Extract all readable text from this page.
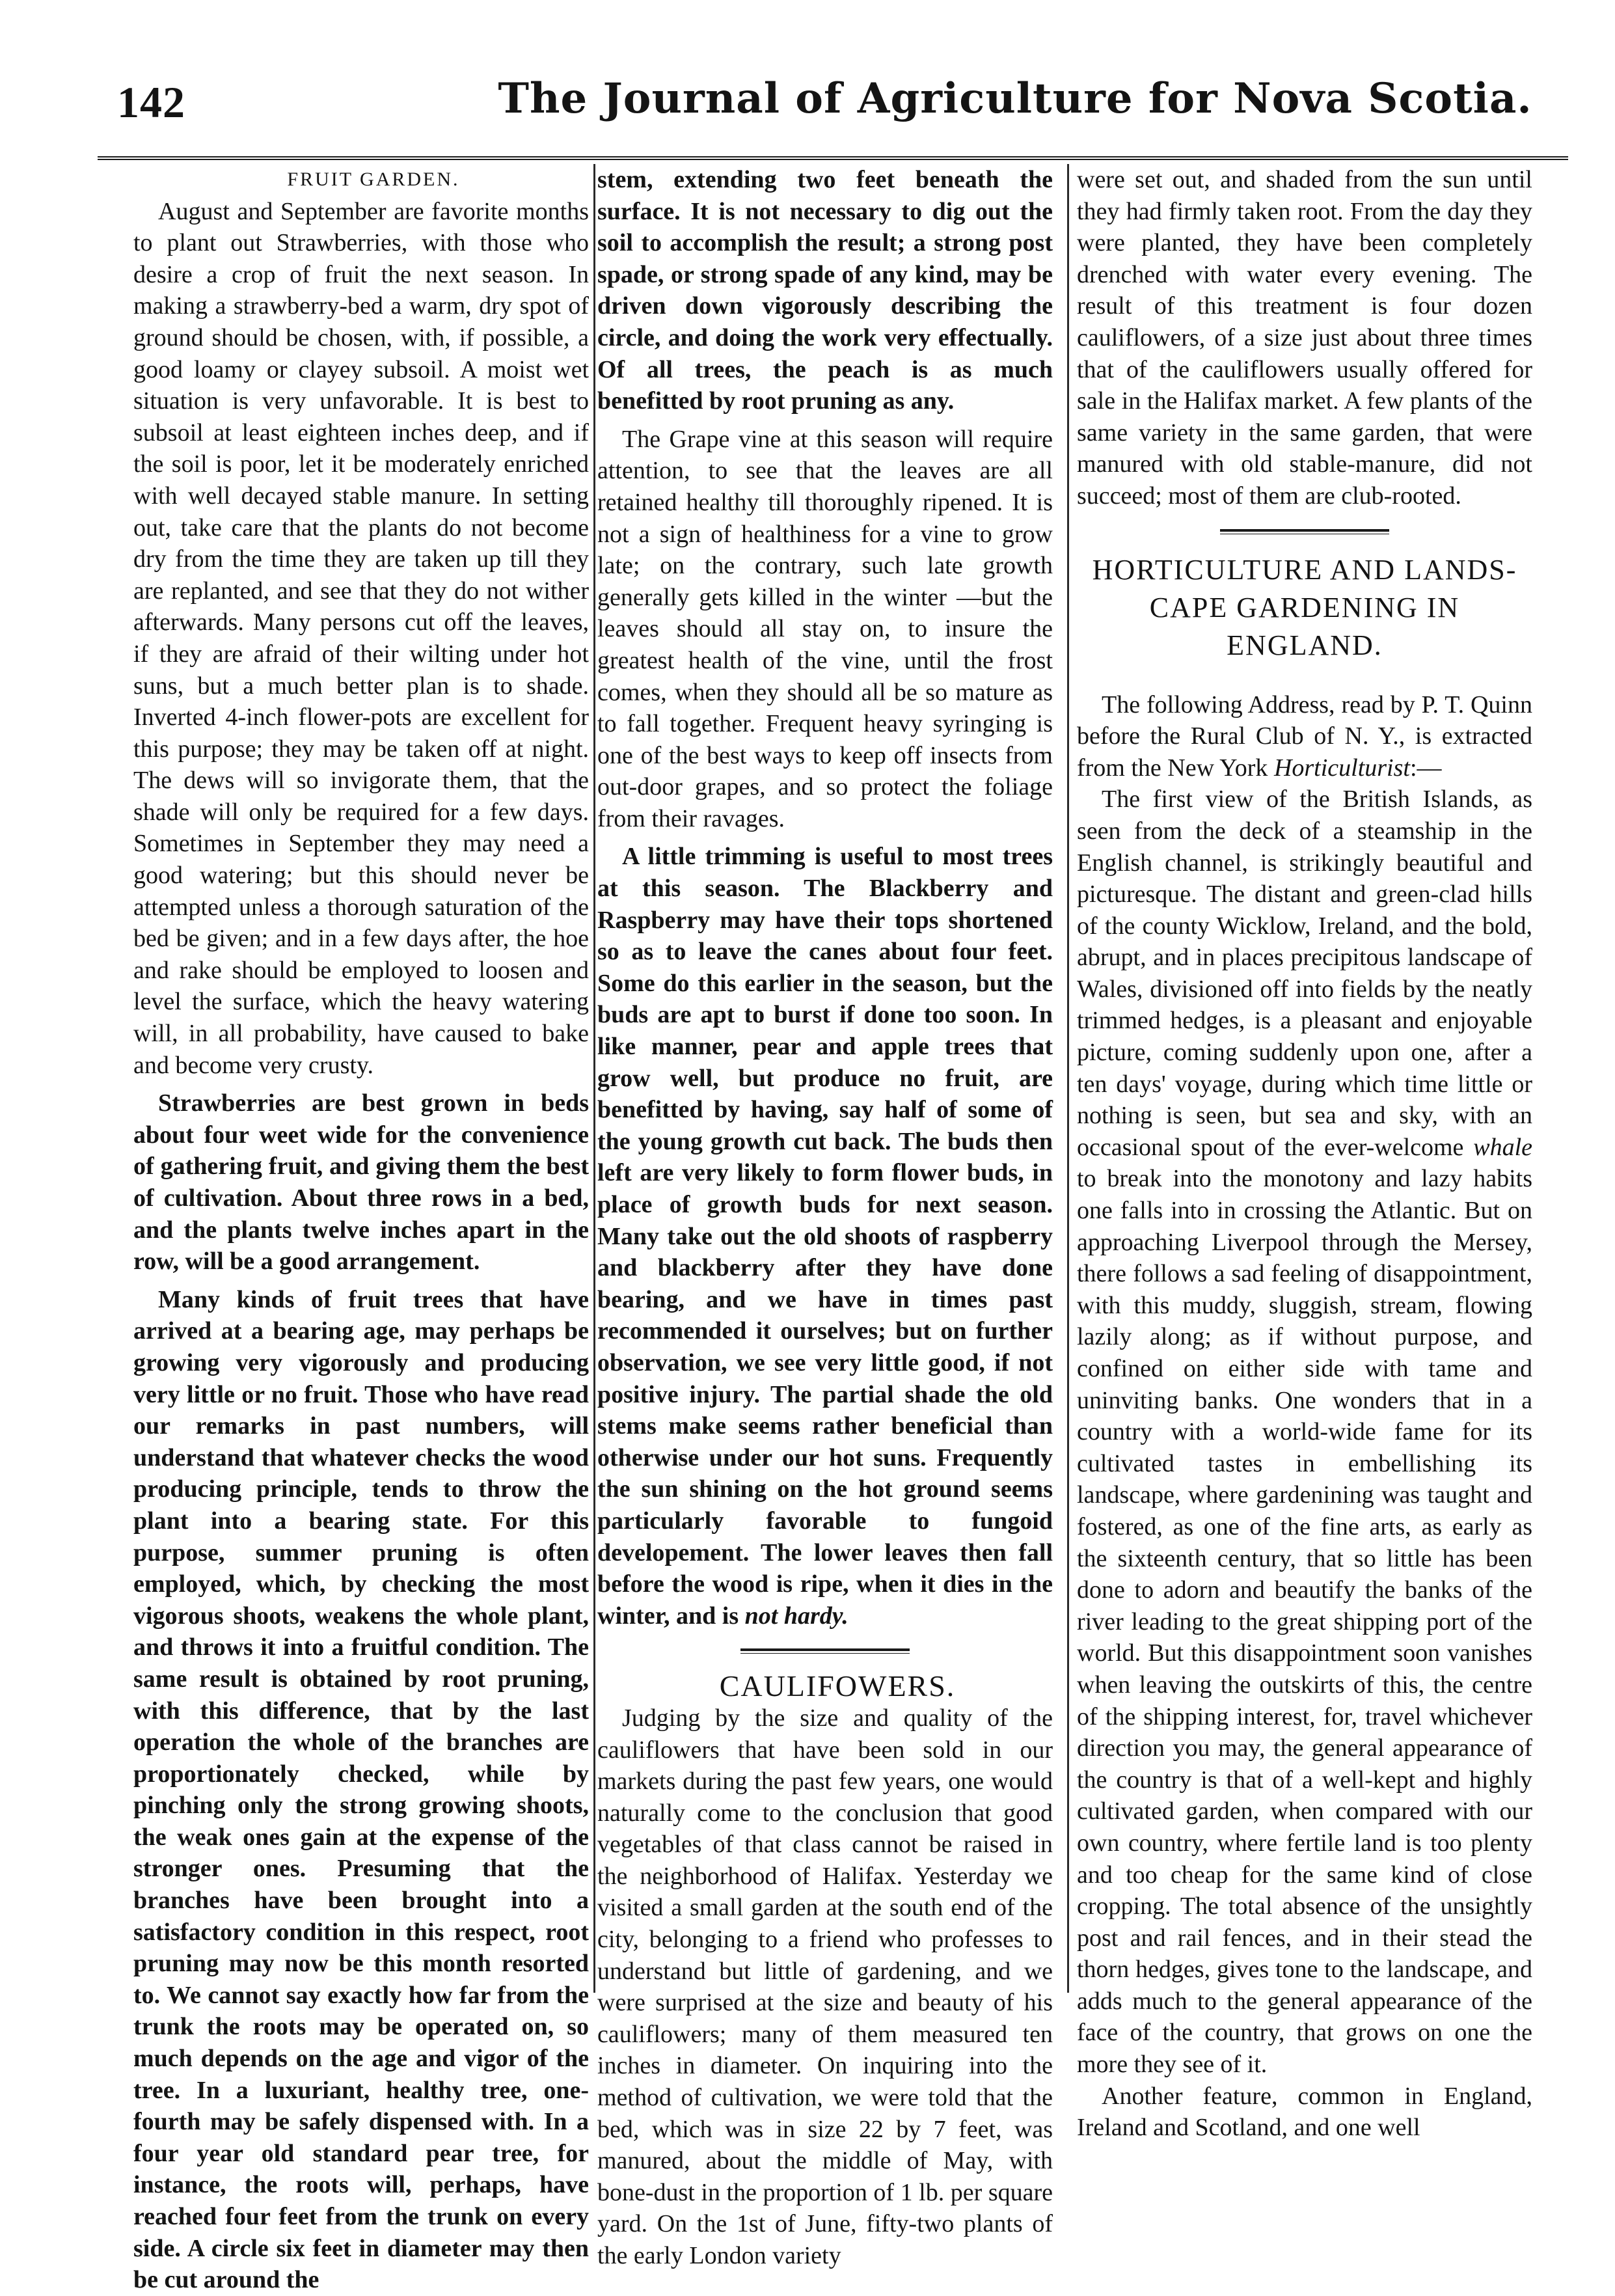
142	The Journal of Agriculture for Nova Scotia.

FRUIT GARDEN.

August and September are favorite months to plant out Strawberries, with those who desire a crop of fruit the next season. In making a strawberry-bed a warm, dry spot of ground should be chosen, with, if possible, a good loamy or clayey subsoil. A moist wet situation is very unfavorable. It is best to subsoil at least eighteen inches deep, and if the soil is poor, let it be moderately enriched with well decayed stable manure. In setting out, take care that the plants do not become dry from the time they are taken up till they are replanted, and see that they do not wither afterwards. Many persons cut off the leaves, if they are afraid of their wilting under hot suns, but a much better plan is to shade. Inverted 4-inch flower-pots are excellent for this purpose; they may be taken off at night. The dews will so invigorate them, that the shade will only be required for a few days. Sometimes in September they may need a good watering; but this should never be attempted unless a thorough saturation of the bed be given; and in a few days after, the hoe and rake should be employed to loosen and level the surface, which the heavy watering will, in all probability, have caused to bake and become very crusty.

Strawberries are best grown in beds about four weet wide for the convenience of gathering fruit, and giving them the best of cultivation. About three rows in a bed, and the plants twelve inches apart in the row, will be a good arrangement.

Many kinds of fruit trees that have arrived at a bearing age, may perhaps be growing very vigorously and producing very little or no fruit. Those who have read our remarks in past numbers, will understand that whatever checks the wood producing principle, tends to throw the plant into a bearing state. For this purpose, summer pruning is often employed, which, by checking the most vigorous shoots, weakens the whole plant, and throws it into a fruitful condition. The same result is obtained by root pruning, with this difference, that by the last operation the whole of the branches are proportionately checked, while by pinching only the strong growing shoots, the weak ones gain at the expense of the stronger ones. Presuming that the branches have been brought into a satisfactory condition in this respect, root pruning may now be this month resorted to. We cannot say exactly how far from the trunk the roots may be operated on, so much depends on the age and vigor of the tree. In a luxuriant, healthy tree, one-fourth may be safely dispensed with. In a four year old standard pear tree, for instance, the roots will, perhaps, have reached four feet from the trunk on every side. A circle six feet in diameter may then be cut around the

stem, extending two feet beneath the surface. It is not necessary to dig out the soil to accomplish the result; a strong post spade, or strong spade of any kind, may be driven down vigorously describing the circle, and doing the work very effectually. Of all trees, the peach is as much benefitted by root pruning as any.

The Grape vine at this season will require attention, to see that the leaves are all retained healthy till thoroughly ripened. It is not a sign of healthiness for a vine to grow late; on the contrary, such late growth generally gets killed in the winter —but the leaves should all stay on, to insure the greatest health of the vine, until the frost comes, when they should all be so mature as to fall together. Frequent heavy syringing is one of the best ways to keep off insects from out-door grapes, and so protect the foliage from their ravages.

A little trimming is useful to most trees at this season. The Blackberry and Raspberry may have their tops shortened so as to leave the canes about four feet. Some do this earlier in the season, but the buds are apt to burst if done too soon. In like manner, pear and apple trees that grow well, but produce no fruit, are benefitted by having, say half of some of the young growth cut back. The buds then left are very likely to form flower buds, in place of growth buds for next season. Many take out the old shoots of raspberry and blackberry after they have done bearing, and we have in times past recommended it ourselves; but on further observation, we see very little good, if not positive injury. The partial shade the old stems make seems rather beneficial than otherwise under our hot suns. Frequently the sun shining on the hot ground seems particularly favorable to fungoid developement. The lower leaves then fall before the wood is ripe, when it dies in the winter, and is not hardy.

CAULIFOWERS.

Judging by the size and quality of the cauliflowers that have been sold in our markets during the past few years, one would naturally come to the conclusion that good vegetables of that class cannot be raised in the neighborhood of Halifax. Yesterday we visited a small garden at the south end of the city, belonging to a friend who professes to understand but little of gardening, and we were surprised at the size and beauty of his cauliflowers; many of them measured ten inches in diameter. On inquiring into the method of cultivation, we were told that the bed, which was in size 22 by 7 feet, was manured, about the middle of May, with bone-dust in the proportion of 1 lb. per square yard. On the 1st of June, fifty-two plants of the early London variety

were set out, and shaded from the sun until they had firmly taken root. From the day they were planted, they have been completely drenched with water every evening. The result of this treatment is four dozen cauliflowers, of a size just about three times that of the cauliflowers usually offered for sale in the Halifax market. A few plants of the same variety in the same garden, that were manured with old stable-manure, did not succeed; most of them are club-rooted.

HORTICULTURE AND LANDS-
CAPE GARDENING IN
ENGLAND.

The following Address, read by P. T. Quinn before the Rural Club of N. Y., is extracted from the New York Horticulturist:—

The first view of the British Islands, as seen from the deck of a steamship in the English channel, is strikingly beautiful and picturesque. The distant and green-clad hills of the county Wicklow, Ireland, and the bold, abrupt, and in places precipitous landscape of Wales, divisioned off into fields by the neatly trimmed hedges, is a pleasant and enjoyable picture, coming suddenly upon one, after a ten days' voyage, during which time little or nothing is seen, but sea and sky, with an occasional spout of the ever-welcome whale to break into the monotony and lazy habits one falls into in crossing the Atlantic. But on approaching Liverpool through the Mersey, there follows a sad feeling of disappointment, with this muddy, sluggish, stream, flowing lazily along; as if without purpose, and confined on either side with tame and uninviting banks. One wonders that in a country with a world-wide fame for its cultivated tastes in embellishing its landscape, where gardenining was taught and fostered, as one of the fine arts, as early as the sixteenth century, that so little has been done to adorn and beautify the banks of the river leading to the great shipping port of the world. But this disappointment soon vanishes when leaving the outskirts of this, the centre of the shipping interest, for, travel whichever direction you may, the general appearance of the country is that of a well-kept and highly cultivated garden, when compared with our own country, where fertile land is too plenty and too cheap for the same kind of close cropping. The total absence of the unsightly post and rail fences, and in their stead the thorn hedges, gives tone to the landscape, and adds much to the general appearance of the face of the country, that grows on one the more they see of it.

Another feature, common in England, Ireland and Scotland, and one well
